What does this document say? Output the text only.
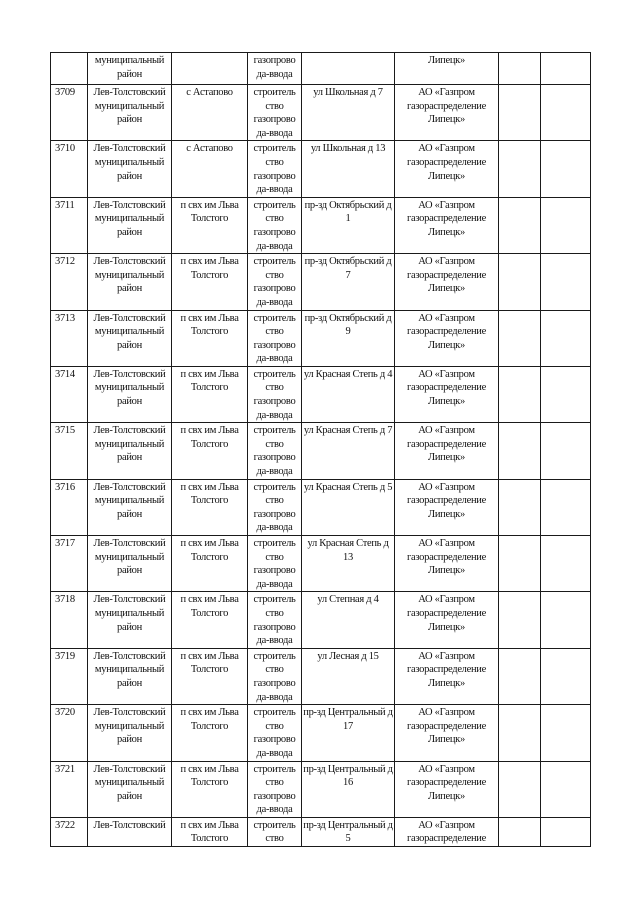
	муниципальный район		газопрово да-ввода		Липецк»		
3709	Лев-Толстовский муниципальный район	с Астапово	строитель ство газопрово да-ввода	ул Школьная д 7	АО «Газпром газораспределение Липецк»		
3710	Лев-Толстовский муниципальный район	с Астапово	строитель ство газопрово да-ввода	ул Школьная д 13	АО «Газпром газораспределение Липецк»		
3711	Лев-Толстовский муниципальный район	п свх им Льва Толстого	строитель ство газопрово да-ввода	пр-зд Октябрьский д 1	АО «Газпром газораспределение Липецк»		
3712	Лев-Толстовский муниципальный район	п свх им Льва Толстого	строитель ство газопрово да-ввода	пр-зд Октябрьский д 7	АО «Газпром газораспределение Липецк»		
3713	Лев-Толстовский муниципальный район	п свх им Льва Толстого	строитель ство газопрово да-ввода	пр-зд Октябрьский д 9	АО «Газпром газораспределение Липецк»		
3714	Лев-Толстовский муниципальный район	п свх им Льва Толстого	строитель ство газопрово да-ввода	ул Красная Степь д 4	АО «Газпром газораспределение Липецк»		
3715	Лев-Толстовский муниципальный район	п свх им Льва Толстого	строитель ство газопрово да-ввода	ул Красная Степь д 7	АО «Газпром газораспределение Липецк»		
3716	Лев-Толстовский муниципальный район	п свх им Льва Толстого	строитель ство газопрово да-ввода	ул Красная Степь д 5	АО «Газпром газораспределение Липецк»		
3717	Лев-Толстовский муниципальный район	п свх им Льва Толстого	строитель ство газопрово да-ввода	ул Красная Степь д 13	АО «Газпром газораспределение Липецк»		
3718	Лев-Толстовский муниципальный район	п свх им Льва Толстого	строитель ство газопрово да-ввода	ул Степная д 4	АО «Газпром газораспределение Липецк»		
3719	Лев-Толстовский муниципальный район	п свх им Льва Толстого	строитель ство газопрово да-ввода	ул Лесная д 15	АО «Газпром газораспределение Липецк»		
3720	Лев-Толстовский муниципальный район	п свх им Льва Толстого	строитель ство газопрово да-ввода	пр-зд Центральный д 17	АО «Газпром газораспределение Липецк»		
3721	Лев-Толстовский муниципальный район	п свх им Льва Толстого	строитель ство газопрово да-ввода	пр-зд Центральный д 16	АО «Газпром газораспределение Липецк»		
3722	Лев-Толстовский	п свх им Льва Толстого	строитель ство	пр-зд Центральный д 5	АО «Газпром газораспределение		
